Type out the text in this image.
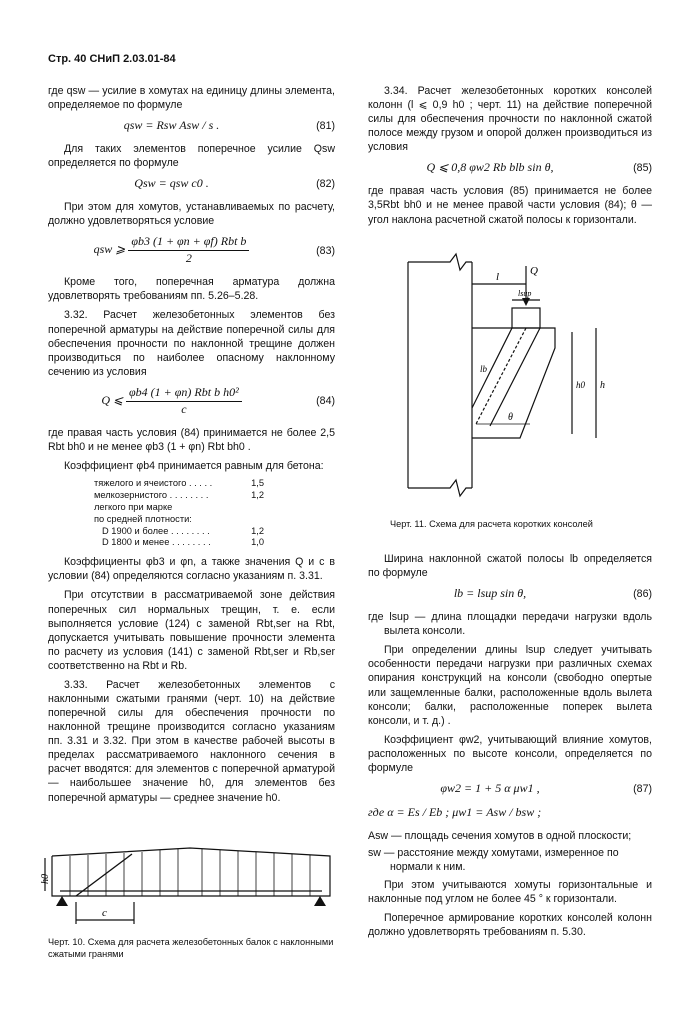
Стр. 40 СНиП 2.03.01-84

где qsw — усилие в хомутах на единицу длины элемента, определяемое по формуле

qsw = Rsw Asw / s .	(81)

Для таких элементов поперечное усилие Qsw определяется по формуле

Qsw = qsw c0 .	(82)

При этом для хомутов, устанавливаемых по расчету, должно удовлетворяться условие

qsw ⩾ $\frac{\text{φb3 (1 + φn + φf) Rbt b}}{2}$	(83)

Кроме того, поперечная арматура должна удовлетворять требованиям пп. 5.26–5.28.

3.32. Расчет железобетонных элементов без поперечной арматуры на действие поперечной силы для обеспечения прочности по наклонной трещине должен производиться по наиболее опасному наклонному сечению из условия

Q ⩽ $\frac{\text{φb4 (1 + φn) Rbt b h0²}}{c}$	(84)

где правая часть условия (84) принимается не более 2,5 Rbt bh0 и не менее φb3 (1 + φn) Rbt bh0 .

Коэффициент φb4 принимается равным для бетона:

тяжелого и ячеистого . . . . .	1,5
мелкозернистого . . . . . . . .	1,2
легкого при марке
по средней плотности:
D 1900 и более . . . . . . . .	1,2
D 1800 и менее . . . . . . . .	1,0

Коэффициенты φb3 и φn, а также значения Q и c в условии (84) определяются согласно указаниям п. 3.31.

При отсутствии в рассматриваемой зоне действия поперечных сил нормальных трещин, т. е. если выполняется условие (124) с заменой Rbt,ser на Rbt, допускается учитывать повышение прочности элемента по расчету из условия (141) с заменой Rbt,ser и Rb,ser соответственно на Rbt и Rb.

3.33. Расчет железобетонных элементов с наклонными сжатыми гранями (черт. 10) на действие поперечной силы для обеспечения прочности по наклонной трещине производится согласно указаниям пп. 3.31 и 3.32. При этом в качестве рабочей высоты в пределах рассматриваемого наклонного сечения в расчет вводятся: для элементов с поперечной арматурой — наибольшее значение h0, для элементов без поперечной арматуры — среднее значение h0.

h0
c
Черт. 10. Схема для расчета железобетонных балок с наклонными сжатыми гранями

3.34. Расчет железобетонных коротких консолей колонн (l ⩽ 0,9 h0 ; черт. 11) на действие поперечной силы для обеспечения прочности по наклонной сжатой полосе между грузом и опорой должен производиться из условия

Q ⩽ 0,8 φw2 Rb blb sin θ,	(85)

где правая часть условия (85) принимается не более 3,5Rbt bh0 и не менее правой части условия (84); θ — угол наклона расчетной сжатой полосы к горизонтали.

l	Q
lsup
lb
h0 h
θ
Черт. 11. Схема для расчета коротких консолей

Ширина наклонной сжатой полосы lb определяется по формуле

lb = lsup sin θ,	(86)

где lsup — длина площадки передачи нагрузки вдоль вылета консоли.

При определении длины lsup следует учитывать особенности передачи нагрузки при различных схемах опирания конструкций на консоли (свободно опертые или защемленные балки, расположенные вдоль вылета консоли; балки, расположенные поперек вылета консоли, и т. д.) .

Коэффициент φw2, учитывающий влияние хомутов, расположенных по высоте консоли, определяется по формуле

φw2 = 1 + 5 α μw1 ,	(87)
где α = Es / Eb ; μw1 = Asw / bsw ;
Asw — площадь сечения хомутов в одной плоскости;
sw — расстояние между хомутами, измеренное по нормали к ним.

При этом учитываются хомуты горизонтальные и наклонные под углом не более 45 ° к горизонтали.

Поперечное армирование коротких консолей колонн должно удовлетворять требованиям п. 5.30.
